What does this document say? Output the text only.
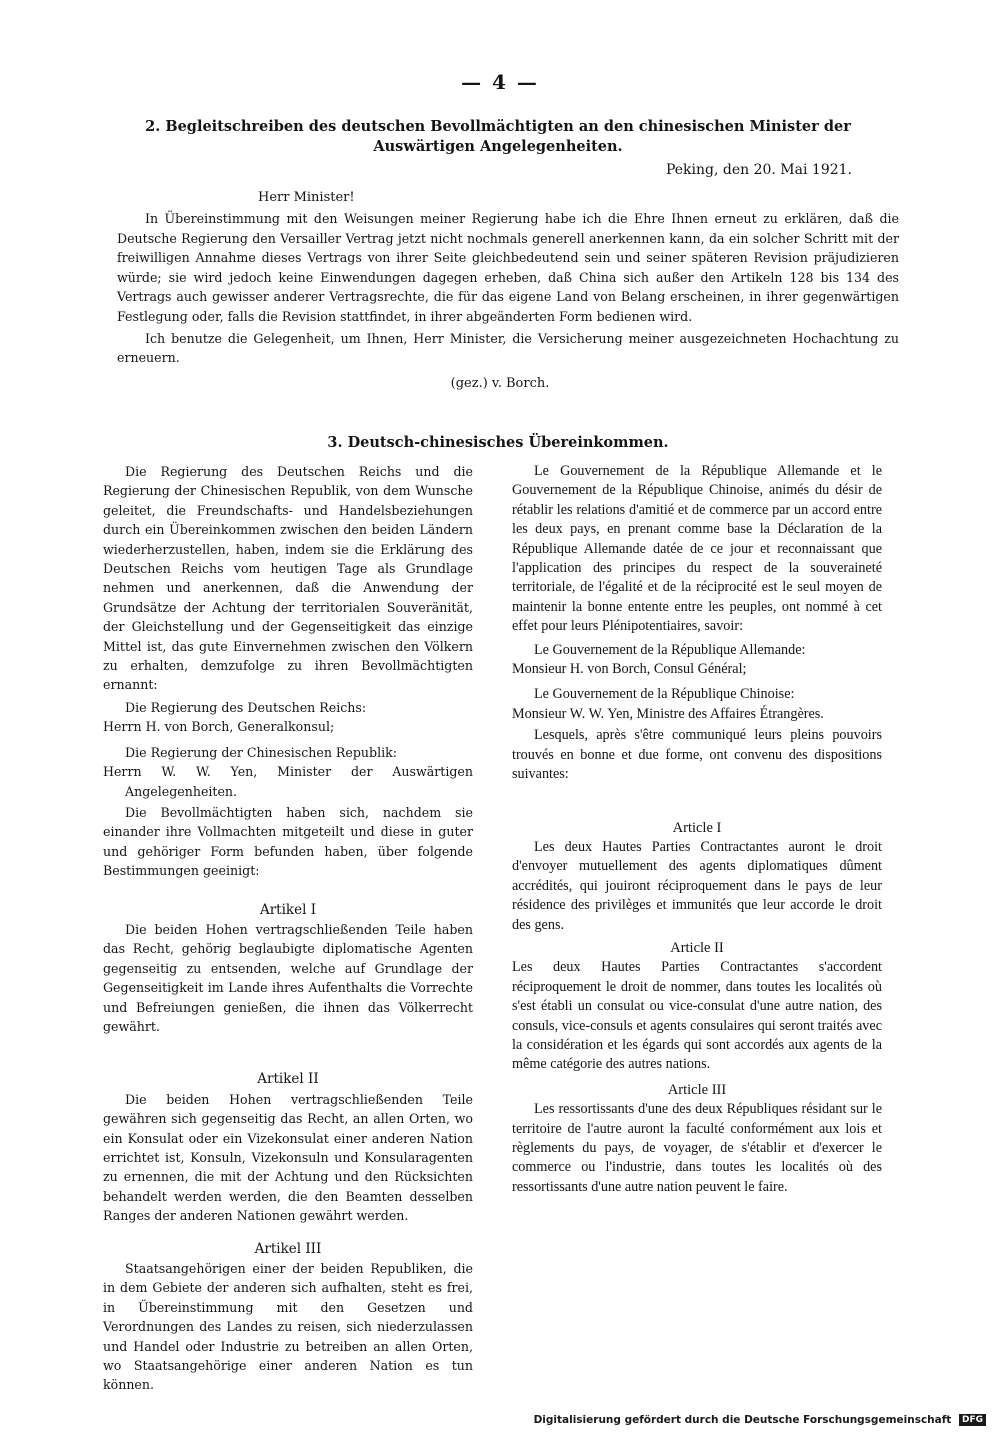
— 4 —
2. Begleitschreiben des deutschen Bevollmächtigten an den chinesischen Minister der Auswärtigen Angelegenheiten.
Peking, den 20. Mai 1921.
Herr Minister!

In Übereinstimmung mit den Weisungen meiner Regierung habe ich die Ehre Ihnen erneut zu erklären, daß die Deutsche Regierung den Versailler Vertrag jetzt nicht nochmals generell anerkennen kann, da ein solcher Schritt mit der freiwilligen Annahme dieses Vertrags von ihrer Seite gleichbedeutend sein und seiner späteren Revision präjudizieren würde; sie wird jedoch keine Einwendungen dagegen erheben, daß China sich außer den Artikeln 128 bis 134 des Vertrags auch gewisser anderer Vertragsrechte, die für das eigene Land von Belang erscheinen, in ihrer gegenwärtigen Festlegung oder, falls die Revision stattfindet, in ihrer abgeänderten Form bedienen wird.

Ich benutze die Gelegenheit, um Ihnen, Herr Minister, die Versicherung meiner ausgezeichneten Hochachtung zu erneuern.

(gez.) v. Borch.
3. Deutsch-chinesisches Übereinkommen.

Die Regierung des Deutschen Reichs und die Regierung der Chinesischen Republik, von dem Wunsche geleitet, die Freundschafts- und Handelsbeziehungen durch ein Übereinkommen zwischen den beiden Ländern wiederherzustellen, haben, indem sie die Erklärung des Deutschen Reichs vom heutigen Tage als Grundlage nehmen und anerkennen, daß die Anwendung der Grundsätze der Achtung der territorialen Souveränität, der Gleichstellung und der Gegenseitigkeit das einzige Mittel ist, das gute Einvernehmen zwischen den Völkern zu erhalten, demzufolge zu ihren Bevollmächtigten ernannt:

Die Regierung des Deutschen Reichs:

Herrn H. von Borch, Generalkonsul;

Die Regierung der Chinesischen Republik:

Herrn W. W. Yen, Minister der Auswärtigen Angelegenheiten.

Die Bevollmächtigten haben sich, nachdem sie einander ihre Vollmachten mitgeteilt und diese in guter und gehöriger Form befunden haben, über folgende Bestimmungen geeinigt:

Artikel I

Die beiden Hohen vertragschließenden Teile haben das Recht, gehörig beglaubigte diplomatische Agenten gegenseitig zu entsenden, welche auf Grundlage der Gegenseitigkeit im Lande ihres Aufenthalts die Vorrechte und Befreiungen genießen, die ihnen das Völkerrecht gewährt.

Artikel II

Die beiden Hohen vertragschließenden Teile gewähren sich gegenseitig das Recht, an allen Orten, wo ein Konsulat oder ein Vizekonsulat einer anderen Nation errichtet ist, Konsuln, Vizekonsuln und Konsularagenten zu ernennen, die mit der Achtung und den Rücksichten behandelt werden werden, die den Beamten desselben Ranges der anderen Nationen gewährt werden.

Artikel III

Staatsangehörigen einer der beiden Republiken, die in dem Gebiete der anderen sich aufhalten, steht es frei, in Übereinstimmung mit den Gesetzen und Verordnungen des Landes zu reisen, sich niederzulassen und Handel oder Industrie zu betreiben an allen Orten, wo Staatsangehörige einer anderen Nation es tun können.

Le Gouvernement de la République Allemande et le Gouvernement de la République Chinoise, animés du désir de rétablir les relations d'amitié et de commerce par un accord entre les deux pays, en prenant comme base la Déclaration de la République Allemande datée de ce jour et reconnaissant que l'application des principes du respect de la souveraineté territoriale, de l'égalité et de la réciprocité est le seul moyen de maintenir la bonne entente entre les peuples, ont nommé à cet effet pour leurs Plénipotentiaires, savoir:

Le Gouvernement de la République Allemande:

Monsieur H. von Borch, Consul Général;

Le Gouvernement de la République Chinoise:

Monsieur W. W. Yen, Ministre des Affaires Étrangères.

Lesquels, après s'être communiqué leurs pleins pouvoirs trouvés en bonne et due forme, ont convenu des dispositions suivantes:

Article I

Les deux Hautes Parties Contractantes auront le droit d'envoyer mutuellement des agents diplomatiques dûment accrédités, qui jouiront réciproquement dans le pays de leur résidence des privilèges et immunités que leur accorde le droit des gens.

Article II

Les deux Hautes Parties Contractantes s'accordent réciproquement le droit de nommer, dans toutes les localités où s'est établi un consulat ou vice-consulat d'une autre nation, des consuls, vice-consuls et agents consulaires qui seront traités avec la considération et les égards qui sont accordés aux agents de la même catégorie des autres nations.

Article III

Les ressortissants d'une des deux Républiques résidant sur le territoire de l'autre auront la faculté conformément aux lois et règlements du pays, de voyager, de s'établir et d'exercer le commerce ou l'industrie, dans toutes les localités où des ressortissants d'une autre nation peuvent le faire.

Digitalisierung gefördert durch die Deutsche Forschungsgemeinschaft DFG
